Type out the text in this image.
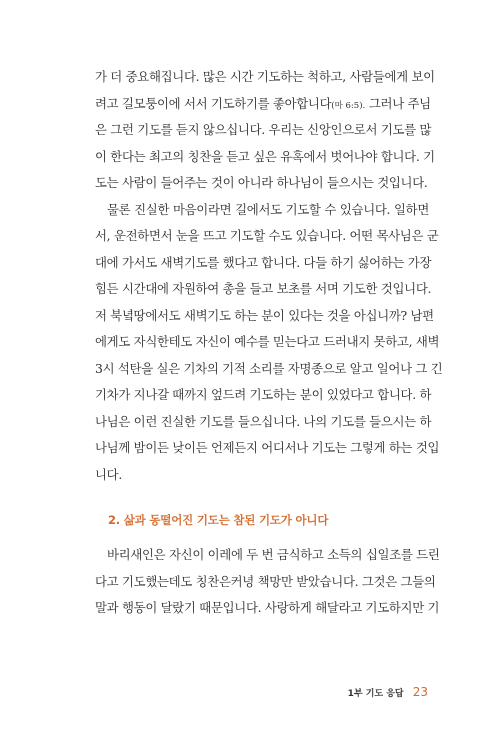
가 더 중요해집니다. 많은 시간 기도하는 척하고, 사람들에게 보이
려고 길모퉁이에 서서 기도하기를 좋아합니다(마 6:5). 그러나 주님
은 그런 기도를 듣지 않으십니다. 우리는 신앙인으로서 기도를 많
이 한다는 최고의 칭찬을 듣고 싶은 유혹에서 벗어나야 합니다. 기
도는 사람이 들어주는 것이 아니라 하나님이 들으시는 것입니다.
물론 진실한 마음이라면 길에서도 기도할 수 있습니다. 일하면
서, 운전하면서 눈을 뜨고 기도할 수도 있습니다. 어떤 목사님은 군
대에 가서도 새벽기도를 했다고 합니다. 다들 하기 싫어하는 가장
힘든 시간대에 자원하여 총을 들고 보초를 서며 기도한 것입니다.
저 북녘땅에서도 새벽기도 하는 분이 있다는 것을 아십니까? 남편
에게도 자식한테도 자신이 예수를 믿는다고 드러내지 못하고, 새벽
3시 석탄을 실은 기차의 기적 소리를 자명종으로 알고 일어나 그 긴
기차가 지나갈 때까지 엎드려 기도하는 분이 있었다고 합니다. 하
나님은 이런 진실한 기도를 들으십니다. 나의 기도를 들으시는 하
나님께 밤이든 낮이든 언제든지 어디서나 기도는 그렇게 하는 것입
니다.
2. 삶과 동떨어진 기도는 참된 기도가 아니다
바리새인은 자신이 이레에 두 번 금식하고 소득의 십일조를 드린
다고 기도했는데도 칭찬은커녕 책망만 받았습니다. 그것은 그들의
말과 행동이 달랐기 때문입니다. 사랑하게 해달라고 기도하지만 기
1부 기도 응답 23
